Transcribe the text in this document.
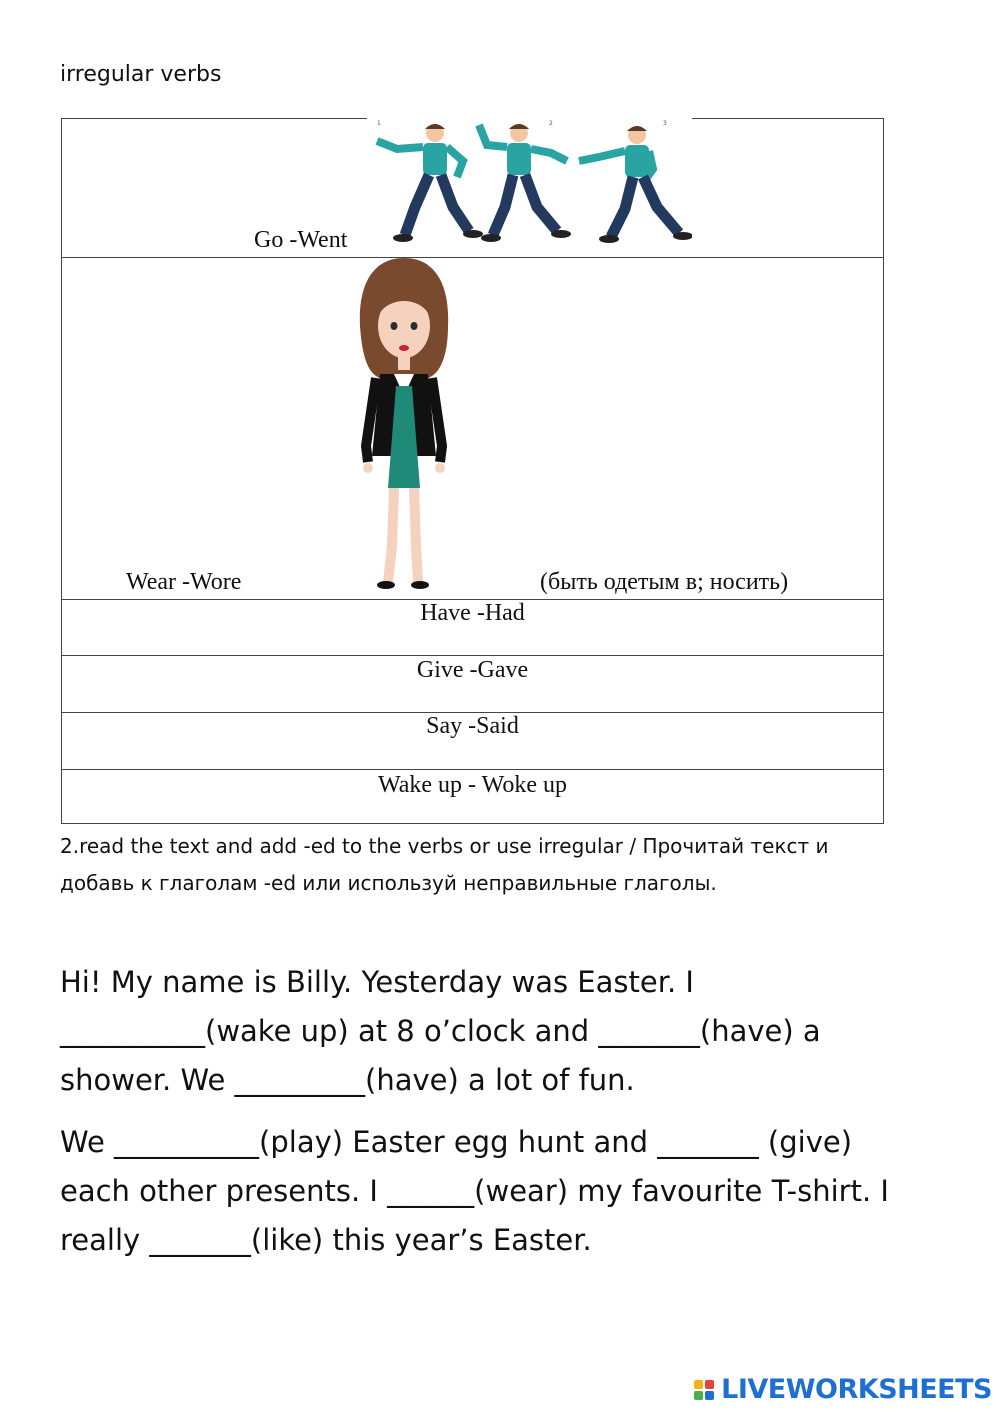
irregular verbs
Go -Went
1	2	3
Wear -Wore	(быть одетым в; носить)
Have -Had
Give -Gave
Say -Said
Wake up - Woke up
2.read the text and add -ed to the verbs or use irregular / Прочитай текст и
добавь к глаголам -ed или используй неправильные глаголы.
Hi! My name is Billy. Yesterday was Easter. I
__________(wake up) at 8 o’clock and _______(have) a
shower. We _________(have) a lot of fun.
We __________(play) Easter egg hunt and _______ (give)
each other presents. I ______(wear) my favourite T-shirt. I
really _______(like) this year’s Easter.

LIVEWORKSHEETS
